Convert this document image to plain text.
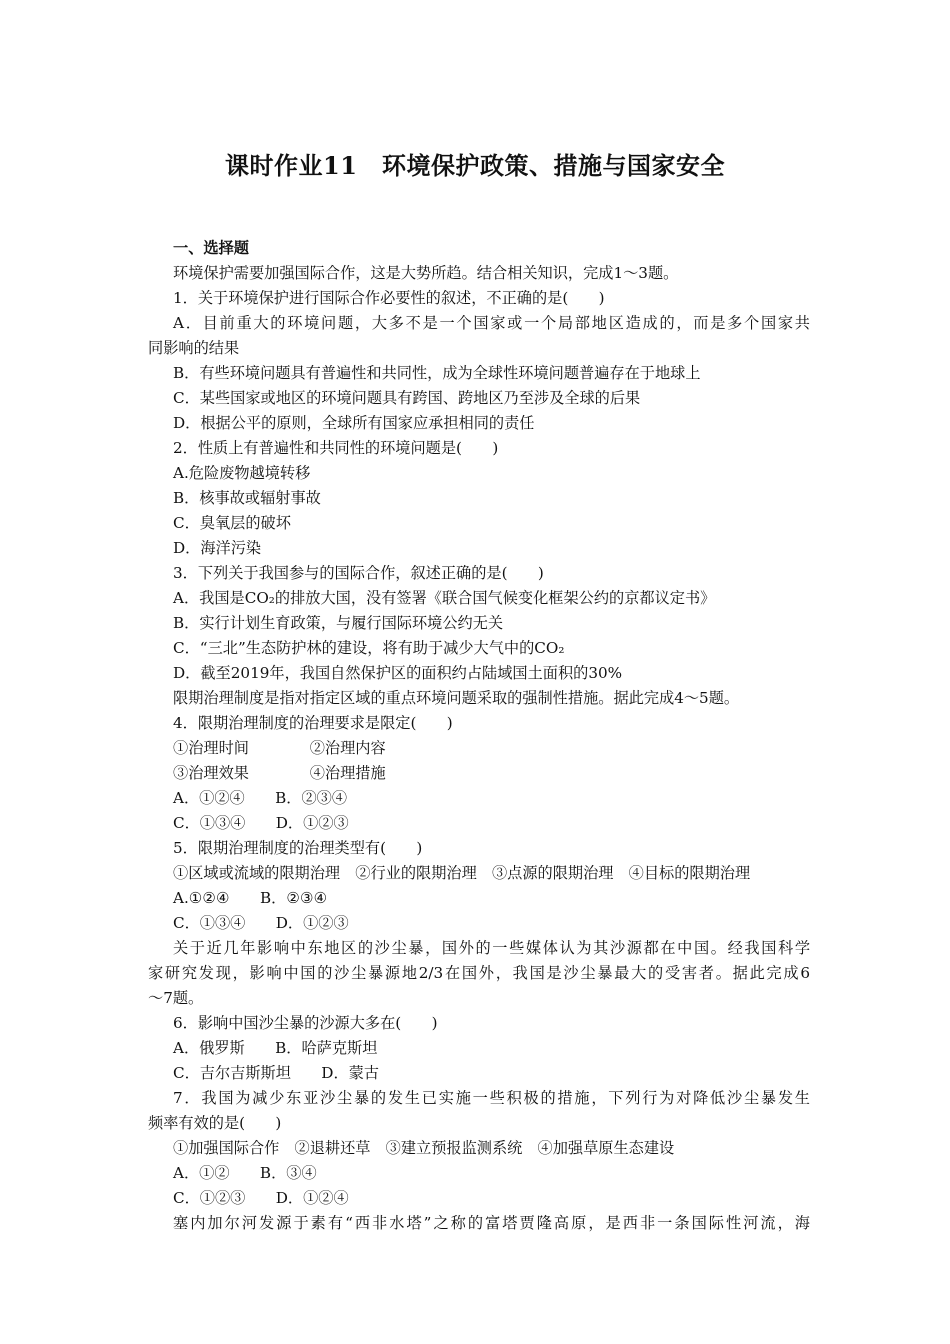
课时作业11　环境保护政策、措施与国家安全
一、选择题
环境保护需要加强国际合作，这是大势所趋。结合相关知识，完成1～3题。
1．关于环境保护进行国际合作必要性的叙述，不正确的是(　　)
A．目前重大的环境问题，大多不是一个国家或一个局部地区造成的，而是多个国家共
同影响的结果
B．有些环境问题具有普遍性和共同性，成为全球性环境问题普遍存在于地球上
C．某些国家或地区的环境问题具有跨国、跨地区乃至涉及全球的后果
D．根据公平的原则，全球所有国家应承担相同的责任
2．性质上有普遍性和共同性的环境问题是(　　)
A.危险废物越境转移
B．核事故或辐射事故
C．臭氧层的破坏
D．海洋污染
3．下列关于我国参与的国际合作，叙述正确的是(　　)
A．我国是CO₂的排放大国，没有签署《联合国气候变化框架公约的京都议定书》
B．实行计划生育政策，与履行国际环境公约无关
C．“三北”生态防护林的建设，将有助于减少大气中的CO₂
D．截至2019年，我国自然保护区的面积约占陆域国土面积的30%
限期治理制度是指对指定区域的重点环境问题采取的强制性措施。据此完成4～5题。
4．限期治理制度的治理要求是限定(　　)
①治理时间　　　　②治理内容
③治理效果　　　　④治理措施
A．①②④　　B．②③④
C．①③④　　D．①②③
5．限期治理制度的治理类型有(　　)
①区域或流域的限期治理　②行业的限期治理　③点源的限期治理　④目标的限期治理
A.①②④　　B．②③④
C．①③④　　D．①②③
关于近几年影响中东地区的沙尘暴，国外的一些媒体认为其沙源都在中国。经我国科学
家研究发现，影响中国的沙尘暴源地2/3在国外，我国是沙尘暴最大的受害者。据此完成6
～7题。
6．影响中国沙尘暴的沙源大多在(　　)
A．俄罗斯　　B．哈萨克斯坦
C．吉尔吉斯斯坦　　D．蒙古
7．我国为减少东亚沙尘暴的发生已实施一些积极的措施，下列行为对降低沙尘暴发生
频率有效的是(　　)
①加强国际合作　②退耕还草　③建立预报监测系统　④加强草原生态建设
A．①②　　B．③④
C．①②③　　D．①②④
塞内加尔河发源于素有“西非水塔”之称的富塔贾隆高原，是西非一条国际性河流，海
